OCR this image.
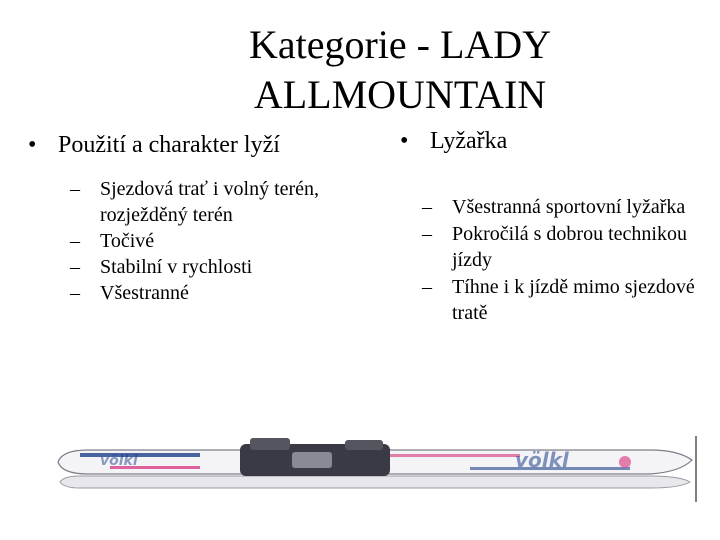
Kategorie - LADY
ALLMOUNTAIN
• Použití a charakter lyží
–	Sjezdová trať i volný terén, rozježděný terén
–	Točivé
–	Stabilní v rychlosti
–	Všestranné
• Lyžařka
–	Všestranná sportovní lyžařka
–	Pokročilá s dobrou technikou jízdy
–	Tíhne i k jízdě mimo sjezdové tratě
völkl
völkl
